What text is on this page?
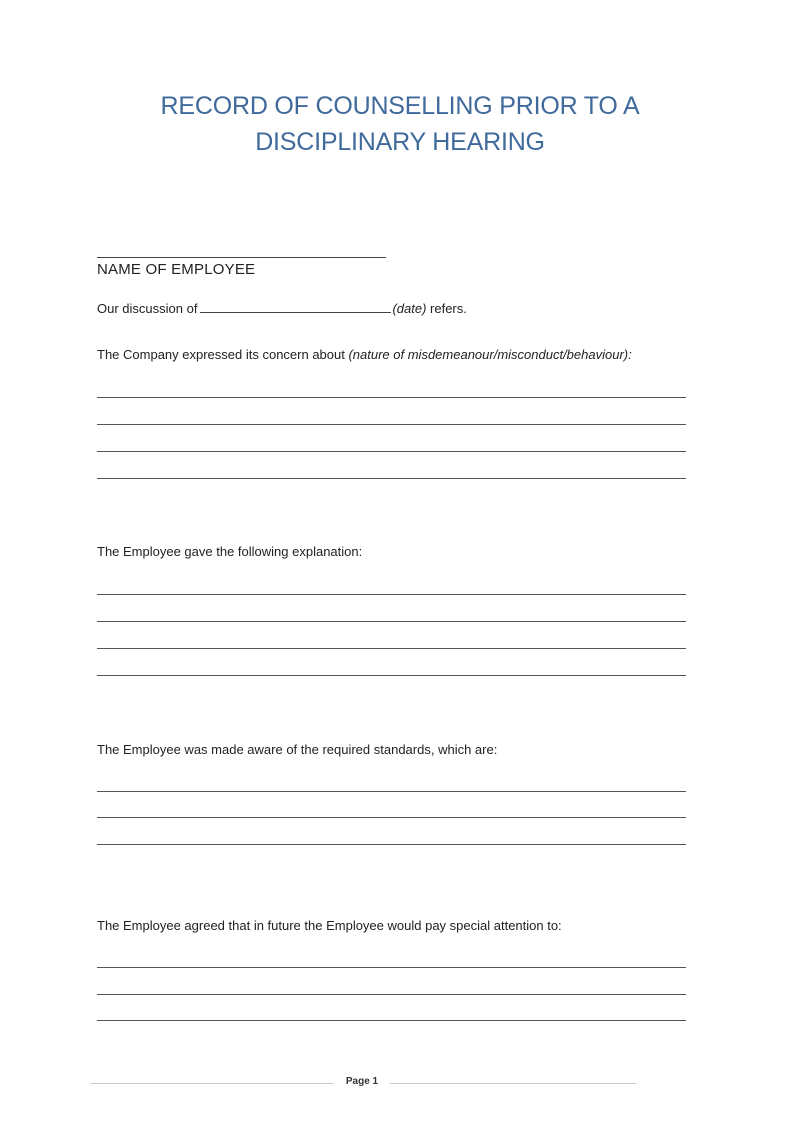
RECORD OF COUNSELLING PRIOR TO A
DISCIPLINARY HEARING
NAME OF EMPLOYEE
Our discussion of	(date) refers.
The Company expressed its concern about (nature of misdemeanour/misconduct/behaviour):
The Employee gave the following explanation:
The Employee was made aware of the required standards, which are:
The Employee agreed that in future the Employee would pay special attention to:
Page 1
